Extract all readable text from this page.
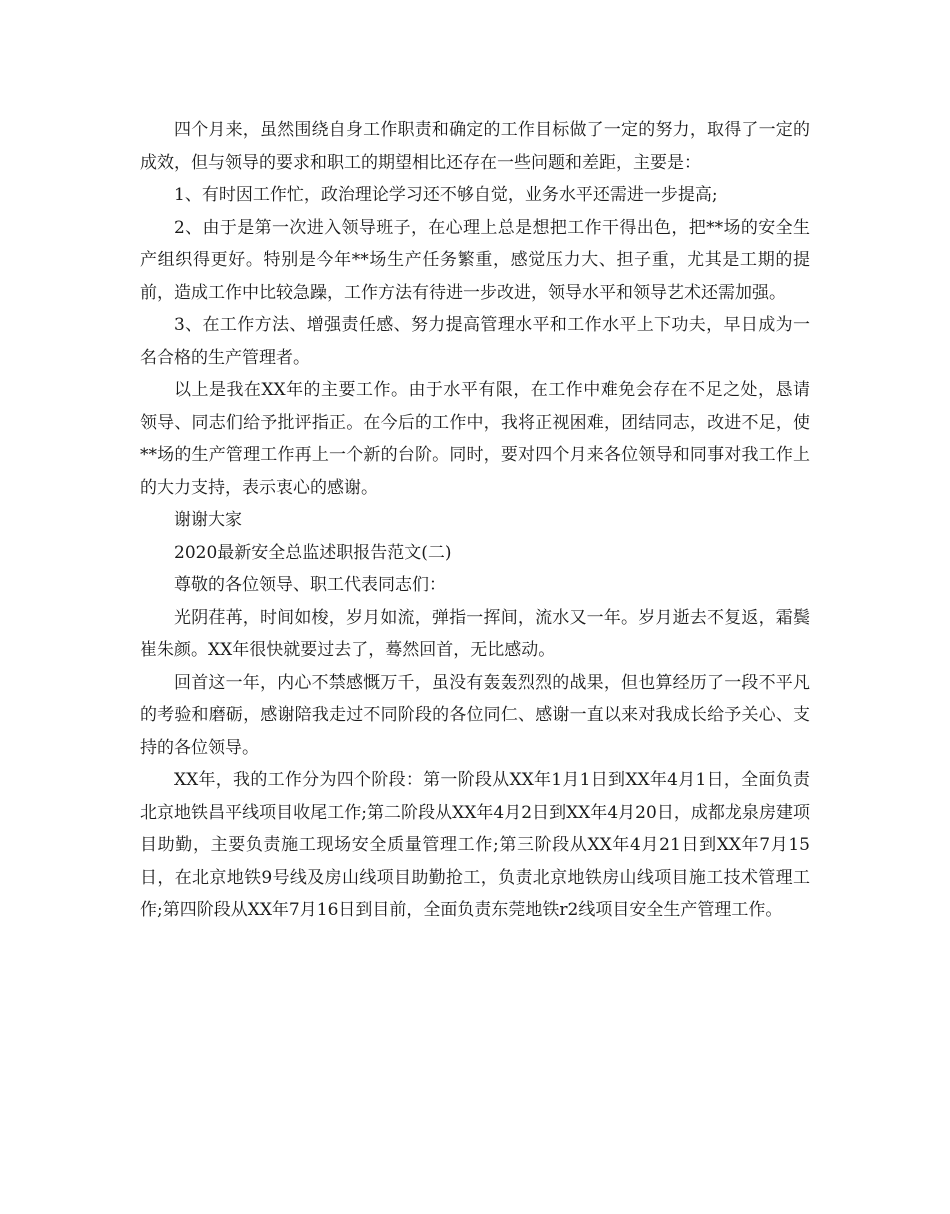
四个月来，虽然围绕自身工作职责和确定的工作目标做了一定的努力，取得了一定的成效，但与领导的要求和职工的期望相比还存在一些问题和差距，主要是：

1、有时因工作忙，政治理论学习还不够自觉，业务水平还需进一步提高;

2、由于是第一次进入领导班子，在心理上总是想把工作干得出色，把**场的安全生产组织得更好。特别是今年**场生产任务繁重，感觉压力大、担子重，尤其是工期的提前，造成工作中比较急躁，工作方法有待进一步改进，领导水平和领导艺术还需加强。

3、在工作方法、增强责任感、努力提高管理水平和工作水平上下功夫，早日成为一名合格的生产管理者。

以上是我在XX年的主要工作。由于水平有限，在工作中难免会存在不足之处，恳请领导、同志们给予批评指正。在今后的工作中，我将正视困难，团结同志，改进不足，使**场的生产管理工作再上一个新的台阶。同时，要对四个月来各位领导和同事对我工作上的大力支持，表示衷心的感谢。

谢谢大家

2020最新安全总监述职报告范文(二)

尊敬的各位领导、职工代表同志们：

光阴荏苒，时间如梭，岁月如流，弹指一挥间，流水又一年。岁月逝去不复返，霜鬓崔朱颜。XX年很快就要过去了，蓦然回首，无比感动。

回首这一年，内心不禁感慨万千，虽没有轰轰烈烈的战果，但也算经历了一段不平凡的考验和磨砺，感谢陪我走过不同阶段的各位同仁、感谢一直以来对我成长给予关心、支持的各位领导。

XX年，我的工作分为四个阶段：第一阶段从XX年1月1日到XX年4月1日，全面负责北京地铁昌平线项目收尾工作;第二阶段从XX年4月2日到XX年4月20日，成都龙泉房建项目助勤，主要负责施工现场安全质量管理工作;第三阶段从XX年4月21日到XX年7月15日，在北京地铁9号线及房山线项目助勤抢工，负责北京地铁房山线项目施工技术管理工作;第四阶段从XX年7月16日到目前，全面负责东莞地铁r2线项目安全生产管理工作。
